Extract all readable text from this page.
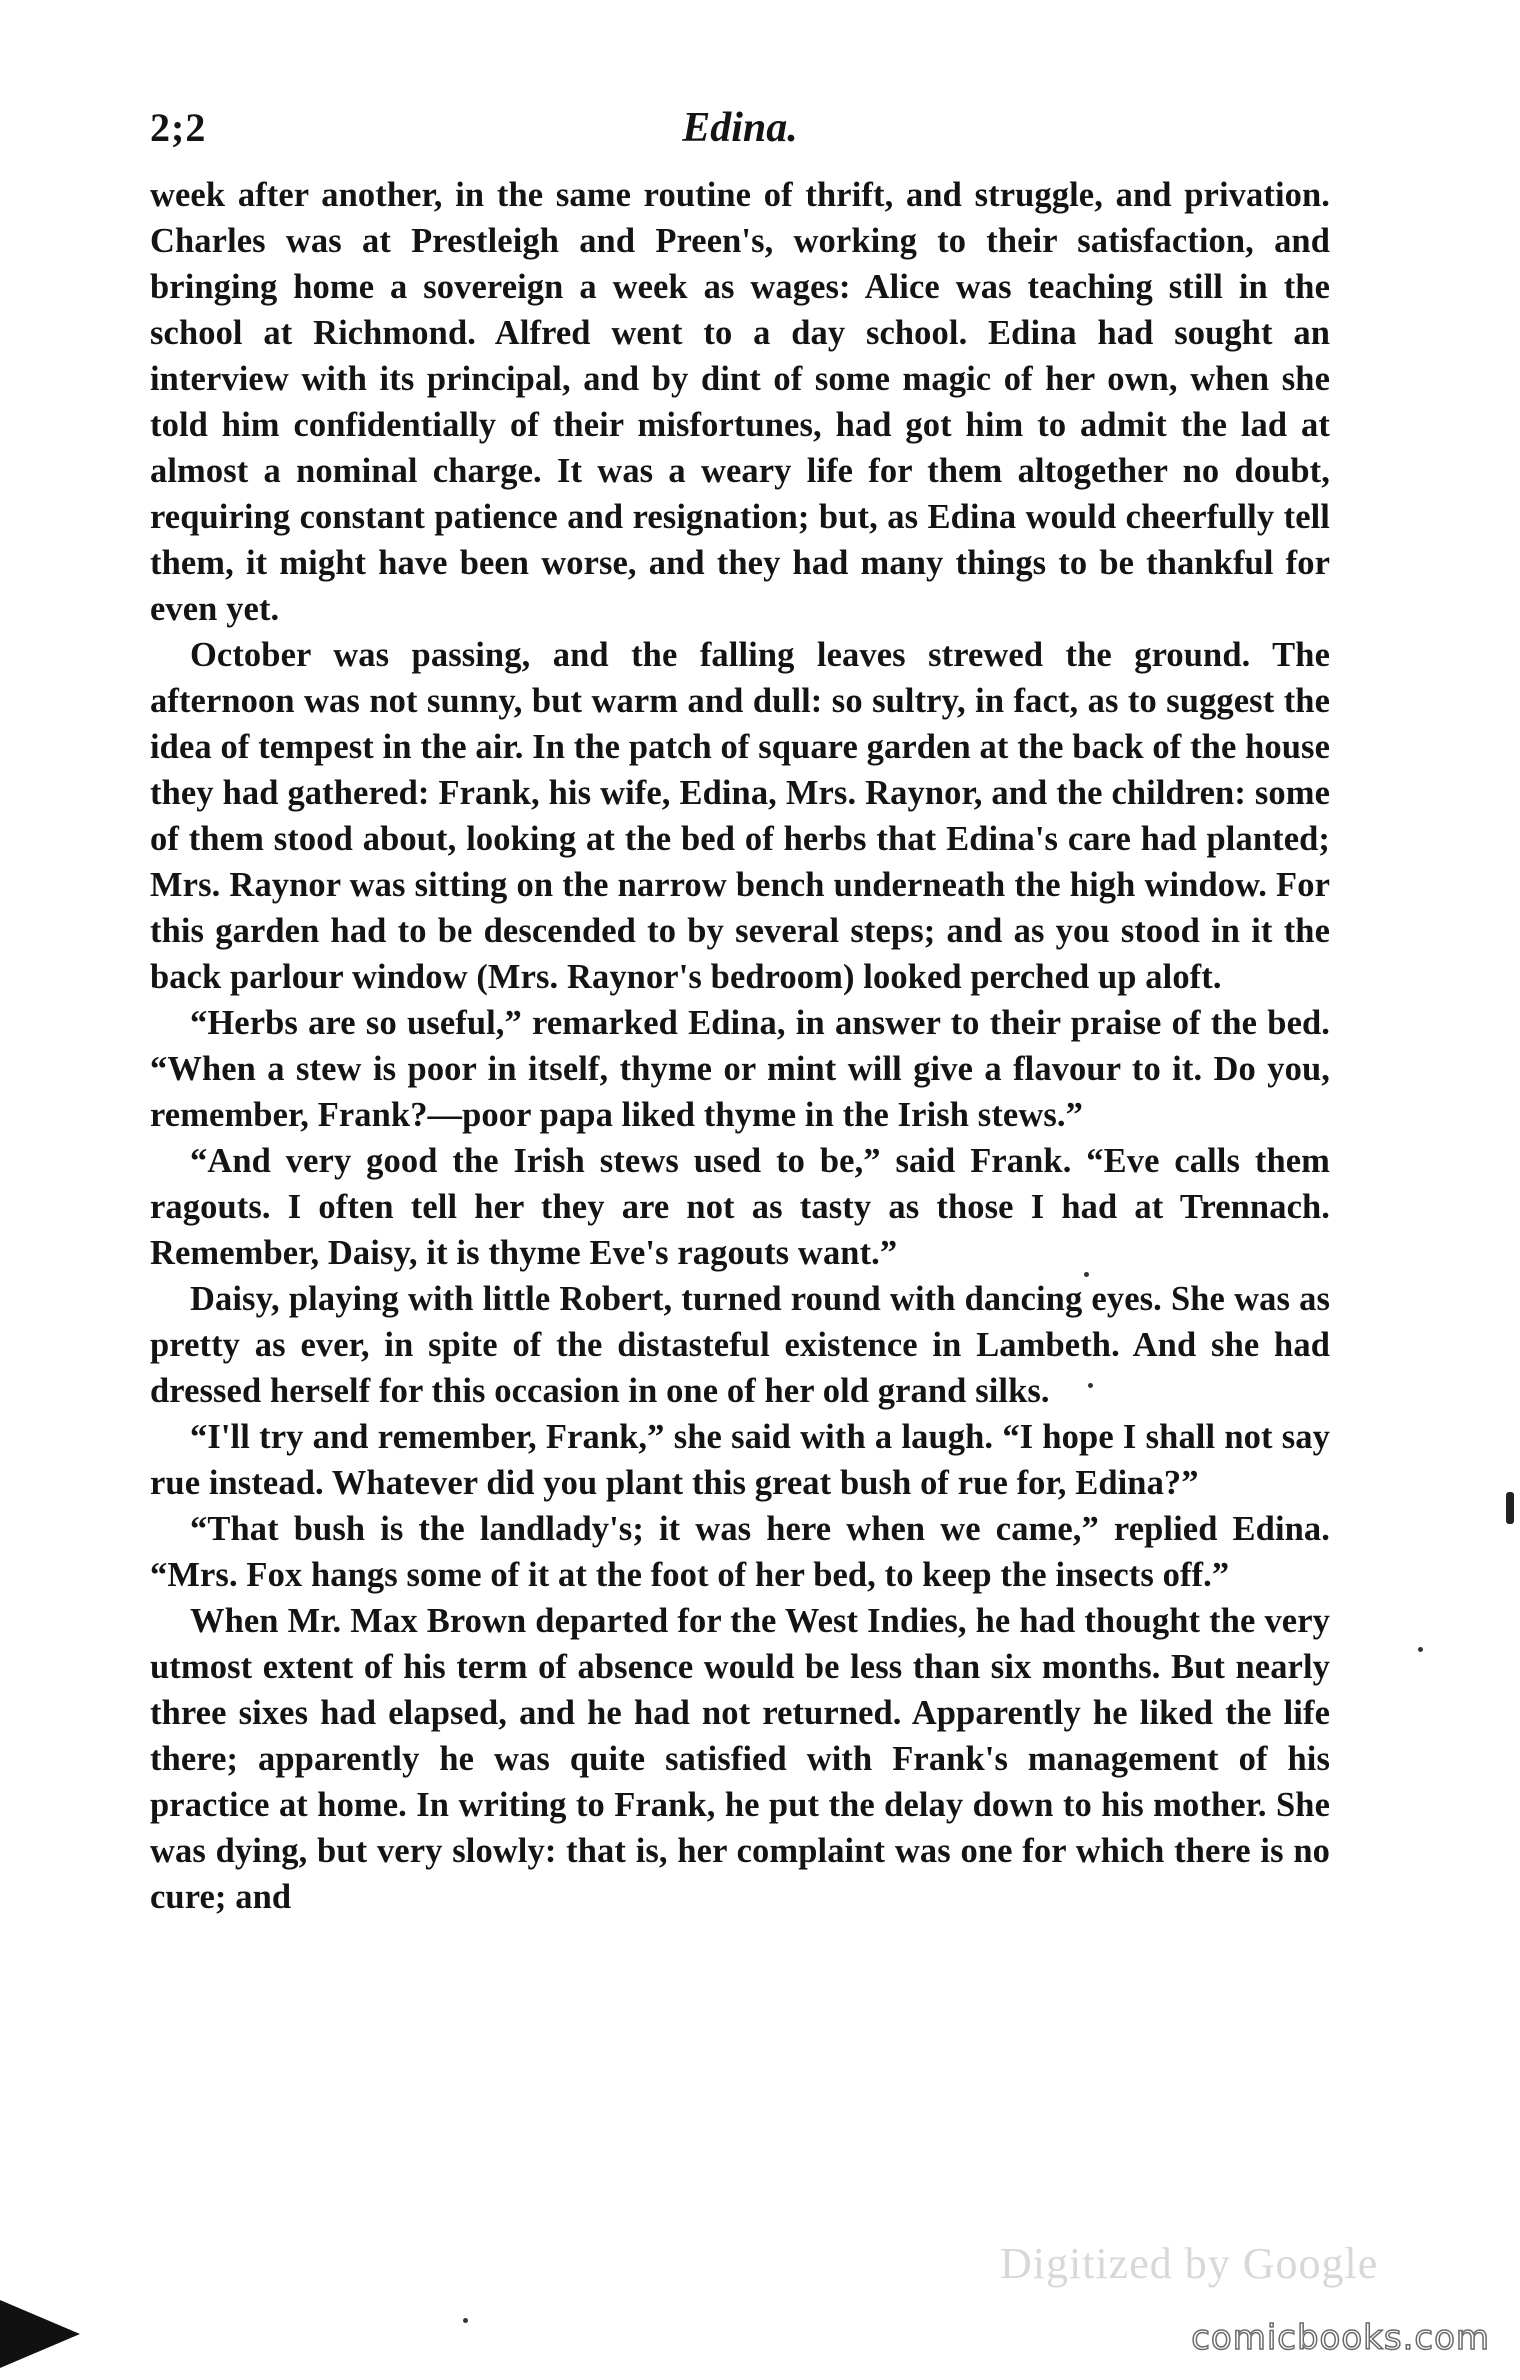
2;2	Edina.

week after another, in the same routine of thrift, and struggle, and privation. Charles was at Prestleigh and Preen's, working to their satisfaction, and bringing home a sovereign a week as wages: Alice was teaching still in the school at Richmond. Alfred went to a day school. Edina had sought an interview with its principal, and by dint of some magic of her own, when she told him confidentially of their misfortunes, had got him to admit the lad at almost a nominal charge. It was a weary life for them altogether no doubt, requiring constant patience and resignation; but, as Edina would cheerfully tell them, it might have been worse, and they had many things to be thankful for even yet.

October was passing, and the falling leaves strewed the ground. The afternoon was not sunny, but warm and dull: so sultry, in fact, as to suggest the idea of tempest in the air. In the patch of square garden at the back of the house they had gathered: Frank, his wife, Edina, Mrs. Raynor, and the children: some of them stood about, looking at the bed of herbs that Edina's care had planted; Mrs. Raynor was sitting on the narrow bench underneath the high window. For this garden had to be descended to by several steps; and as you stood in it the back parlour window (Mrs. Raynor's bedroom) looked perched up aloft.

“Herbs are so useful,” remarked Edina, in answer to their praise of the bed. “When a stew is poor in itself, thyme or mint will give a flavour to it. Do you, remember, Frank?—poor papa liked thyme in the Irish stews.”

“And very good the Irish stews used to be,” said Frank. “Eve calls them ragouts. I often tell her they are not as tasty as those I had at Trennach. Remember, Daisy, it is thyme Eve's ragouts want.”

Daisy, playing with little Robert, turned round with dancing eyes. She was as pretty as ever, in spite of the distasteful existence in Lambeth. And she had dressed herself for this occasion in one of her old grand silks.

“I'll try and remember, Frank,” she said with a laugh. “I hope I shall not say rue instead. Whatever did you plant this great bush of rue for, Edina?”

“That bush is the landlady's; it was here when we came,” replied Edina. “Mrs. Fox hangs some of it at the foot of her bed, to keep the insects off.”

When Mr. Max Brown departed for the West Indies, he had thought the very utmost extent of his term of absence would be less than six months. But nearly three sixes had elapsed, and he had not returned. Apparently he liked the life there; apparently he was quite satisfied with Frank's management of his practice at home. In writing to Frank, he put the delay down to his mother. She was dying, but very slowly: that is, her complaint was one for which there is no cure; and

Digitized by Google
comicbooks.com
